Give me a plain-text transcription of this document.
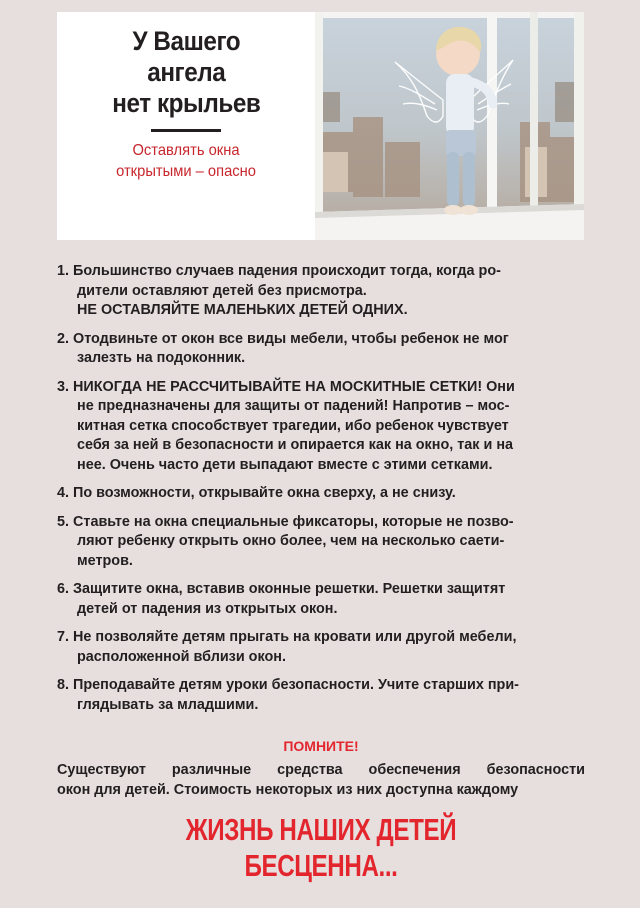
У Вашего
ангела
нет крыльев
Оставлять окна
открытыми – опасно
1. Большинство случаев падения происходит тогда, когда ро-
дители оставляют детей без присмотра.
НЕ ОСТАВЛЯЙТЕ МАЛЕНЬКИХ ДЕТЕЙ ОДНИХ.
2. Отодвиньте от окон все виды мебели, чтобы ребенок не мог
залезть на подоконник.
3. НИКОГДА НЕ РАССЧИТЫВАЙТЕ НА МОСКИТНЫЕ СЕТКИ! Они
не предназначены для защиты от падений! Напротив – мос-
китная сетка способствует трагедии, ибо ребенок чувствует
себя за ней в безопасности и опирается как на окно, так и на
нее. Очень часто дети выпадают вместе с этими сетками.
4. По возможности, открывайте окна сверху, а не снизу.
5. Ставьте на окна специальные фиксаторы, которые не позво-
ляют ребенку открыть окно более, чем на несколько саети-
метров.
6. Защитите окна, вставив оконные решетки. Решетки защитят
детей от падения из открытых окон.
7. Не позволяйте детям прыгать на кровати или другой мебели,
расположенной вблизи окон.
8. Преподавайте детям уроки безопасности. Учите старших при-
глядывать за младшими.
ПОМНИТЕ!
Существуют различные средства обеспечения безопасности
окон для детей. Стоимость некоторых из них доступна каждому
ЖИЗНЬ НАШИХ ДЕТЕЙ БЕСЦЕННА...
